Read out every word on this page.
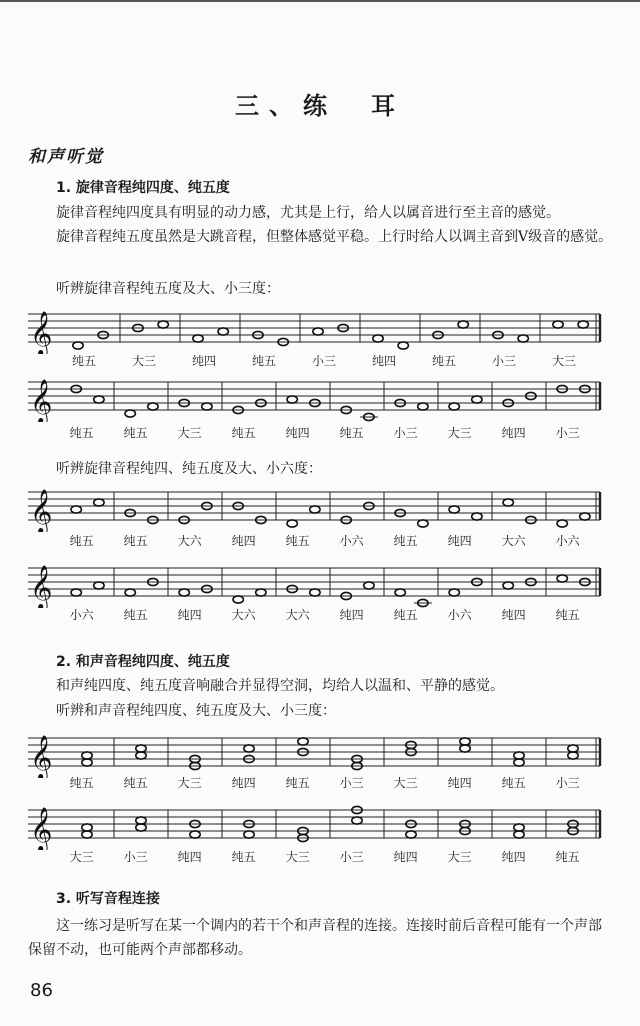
三、练　耳
和声听觉
1. 旋律音程纯四度、纯五度
旋律音程纯四度具有明显的动力感，尤其是上行，给人以属音进行至主音的感觉。
旋律音程纯五度虽然是大跳音程，但整体感觉平稳。上行时给人以调主音到Ⅴ级音的感觉。
听辨旋律音程纯五度及大、小三度：
𝄞
纯五	大三	纯四	纯五	小三	纯四	纯五	小三	大三
𝄞
纯五 纯五 大三 纯五 纯四 纯五 小三 大三 纯四 小三
听辨旋律音程纯四、纯五度及大、小六度：
𝄞
纯五 纯五 大六 纯四 纯五 小六 纯五 纯四 大六 小六
𝄞
小六 纯五 纯四 大六 大六 纯四 纯五 小六 纯四 纯五
2. 和声音程纯四度、纯五度
和声纯四度、纯五度音响融合并显得空洞，均给人以温和、平静的感觉。
听辨和声音程纯四度、纯五度及大、小三度：
𝄞
纯五 纯五 大三 纯四 纯五 小三 大三 纯四 纯五 小三
𝄞
大三 小三 纯四 纯五 大三 小三 纯四 大三 纯四 纯五
3. 听写音程连接
这一练习是听写在某一个调内的若干个和声音程的连接。连接时前后音程可能有一个声部保留不动，也可能两个声部都移动。
86
